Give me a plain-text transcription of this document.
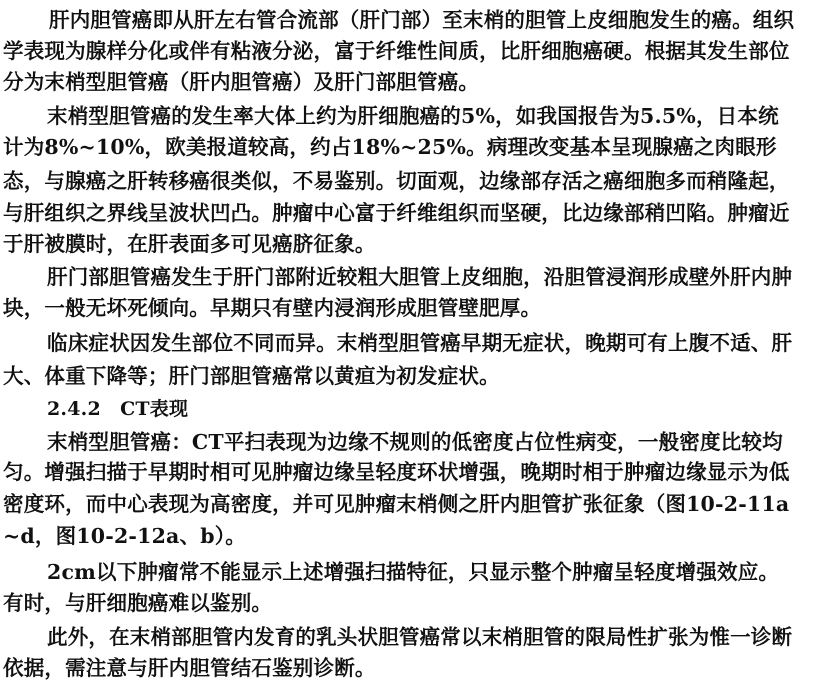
肝内胆管癌即从肝左右管合流部（肝门部）至末梢的胆管上皮细胞发生的癌。组织
学表现为腺样分化或伴有粘液分泌，富于纤维性间质，比肝细胞癌硬。根据其发生部位
分为末梢型胆管癌（肝内胆管癌）及肝门部胆管癌。
末梢型胆管癌的发生率大体上约为肝细胞癌的5%，如我国报告为5.5%，日本统
计为8%~10%，欧美报道较高，约占18%~25%。病理改变基本呈现腺癌之肉眼形
态，与腺癌之肝转移癌很类似，不易鉴别。切面观，边缘部存活之癌细胞多而稍隆起，
与肝组织之界线呈波状凹凸。肿瘤中心富于纤维组织而坚硬，比边缘部稍凹陷。肿瘤近
于肝被膜时，在肝表面多可见癌脐征象。
肝门部胆管癌发生于肝门部附近较粗大胆管上皮细胞，沿胆管浸润形成壁外肝内肿
块，一般无坏死倾向。早期只有壁内浸润形成胆管壁肥厚。
临床症状因发生部位不同而异。末梢型胆管癌早期无症状，晚期可有上腹不适、肝
大、体重下降等；肝门部胆管癌常以黄疸为初发症状。
2.4.2　CT表现
末梢型胆管癌：CT平扫表现为边缘不规则的低密度占位性病变，一般密度比较均
匀。增强扫描于早期时相可见肿瘤边缘呈轻度环状增强，晚期时相于肿瘤边缘显示为低
密度环，而中心表现为高密度，并可见肿瘤末梢侧之肝内胆管扩张征象（图10-2-11a
~d，图10-2-12a、b）。
2cm以下肿瘤常不能显示上述增强扫描特征，只显示整个肿瘤呈轻度增强效应。
有时，与肝细胞癌难以鉴别。
此外，在末梢部胆管内发育的乳头状胆管癌常以末梢胆管的限局性扩张为惟一诊断
依据，需注意与肝内胆管结石鉴别诊断。
